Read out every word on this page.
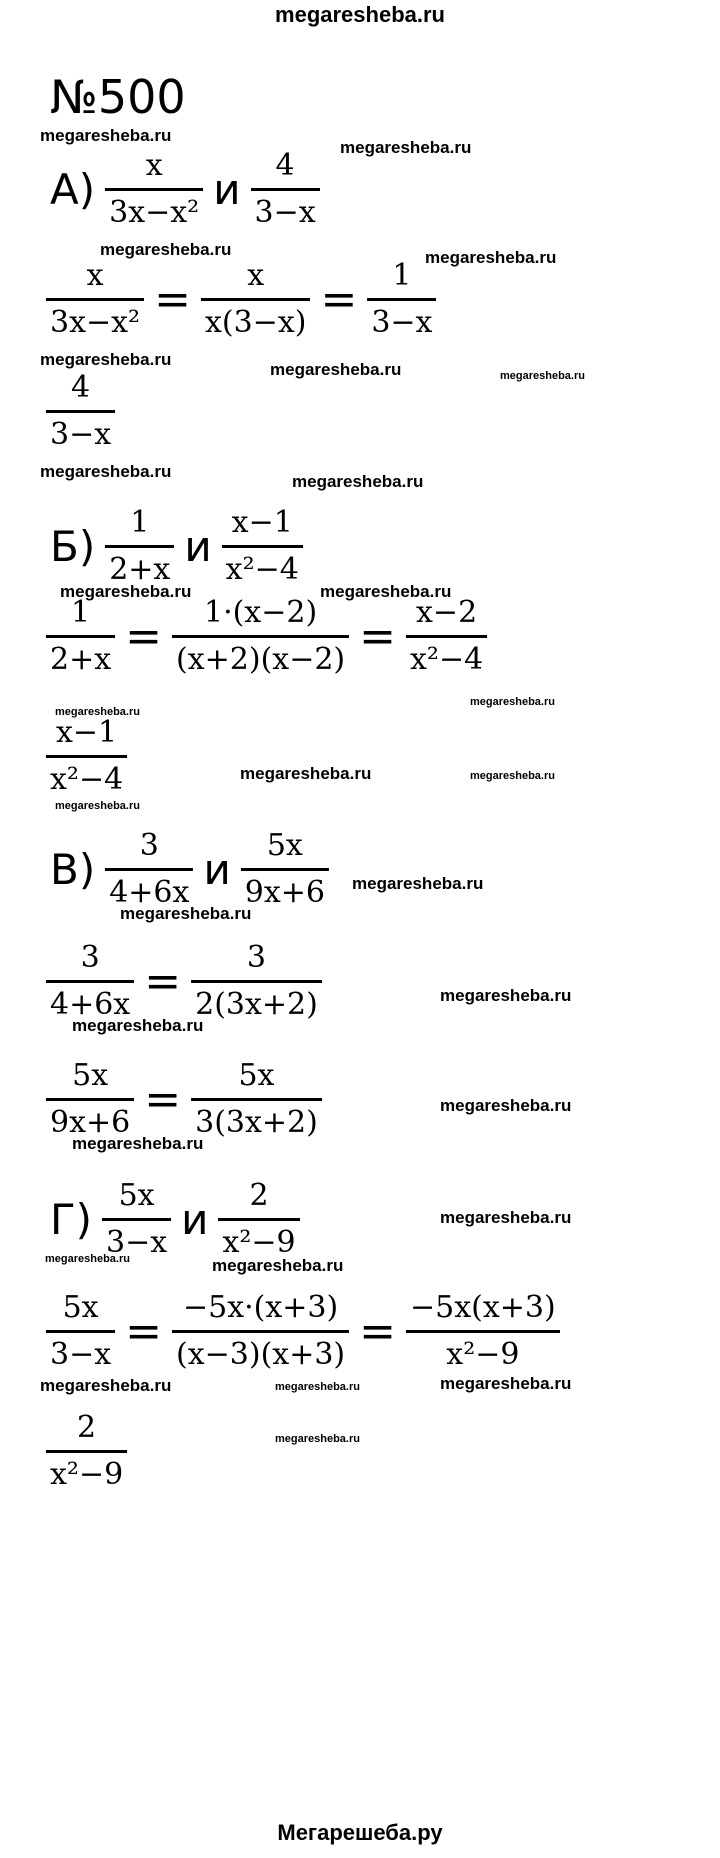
megaresheba.ru
№500
$А) \frac{x}{\text{3x−x²}}$ и $\frac{4}{3-x}$
$\frac{x}{\text{3x−x²}} = \frac{x}{x(3-x)} = \frac{1}{3-x}$
$\frac{4}{3-x}$
$Б) \frac{1}{2+x}$ и $\frac{x-1}{\text{x²−4}}$
$\frac{1}{2+x} = \frac{1\cdot(x-2)}{(x+2)(x-2)} = \frac{x-2}{\text{x²−4}}$
$\frac{x-1}{\text{x²−4}}$
$В) \frac{3}{4+6x}$ и $\frac{5x}{9x+6}$
$\frac{3}{4+6x} = \frac{3}{2(3x+2)}$
$\frac{5x}{9x+6} = \frac{5x}{3(3x+2)}$
$Г) \frac{5x}{3-x}$ и $\frac{2}{\text{x²−9}}$
$\frac{5x}{3-x} = \frac{-5x\cdot(x+3)}{(x-3)(x+3)} = \frac{-5x(x+3)}{\text{x²−9}}$
$\frac{2}{\text{x²−9}}$
megaresheba.ru
megaresheba.ru
megaresheba.ru	megaresheba.ru
megaresheba.ru
megaresheba.ru	megaresheba.ru
megaresheba.ru
megaresheba.ru
megaresheba.ru	megaresheba.ru
megaresheba.ru
megaresheba.ru
megaresheba.ru	megaresheba.ru
megaresheba.ru
megaresheba.ru
megaresheba.ru
megaresheba.ru
megaresheba.ru
megaresheba.ru
megaresheba.ru
megaresheba.ru
megaresheba.ru	megaresheba.ru
megaresheba.ru	megaresheba.ru	megaresheba.ru
megaresheba.ru
Мегарешеба.ру
